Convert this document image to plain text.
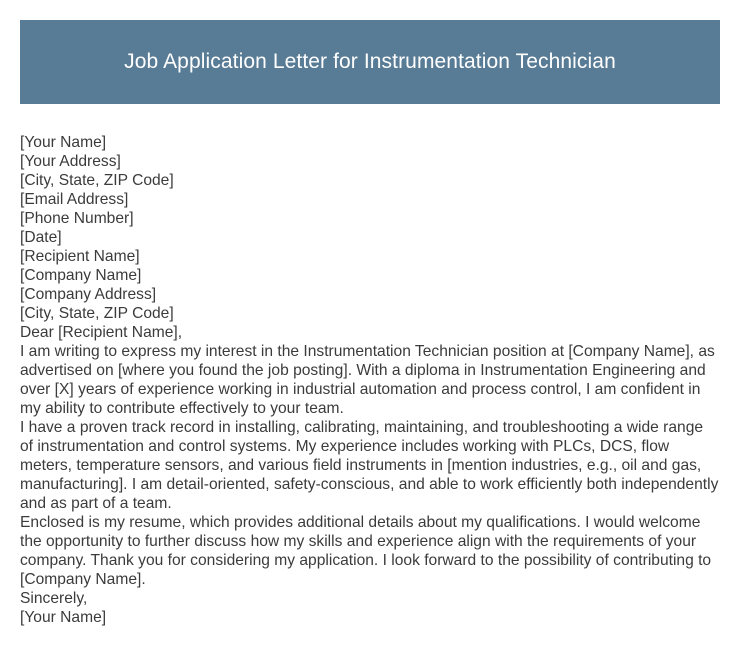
Job Application Letter for Instrumentation Technician
[Your Name]
[Your Address]
[City, State, ZIP Code]
[Email Address]
[Phone Number]
[Date]
[Recipient Name]
[Company Name]
[Company Address]
[City, State, ZIP Code]
Dear [Recipient Name],

I am writing to express my interest in the Instrumentation Technician position at [Company Name], as advertised on [where you found the job posting]. With a diploma in Instrumentation Engineering and over [X] years of experience working in industrial automation and process control, I am confident in my ability to contribute effectively to your team.

I have a proven track record in installing, calibrating, maintaining, and troubleshooting a wide range of instrumentation and control systems. My experience includes working with PLCs, DCS, flow meters, temperature sensors, and various field instruments in [mention industries, e.g., oil and gas, manufacturing]. I am detail-oriented, safety-conscious, and able to work efficiently both independently and as part of a team.

Enclosed is my resume, which provides additional details about my qualifications. I would welcome the opportunity to further discuss how my skills and experience align with the requirements of your company. Thank you for considering my application. I look forward to the possibility of contributing to [Company Name].

Sincerely,
[Your Name]
